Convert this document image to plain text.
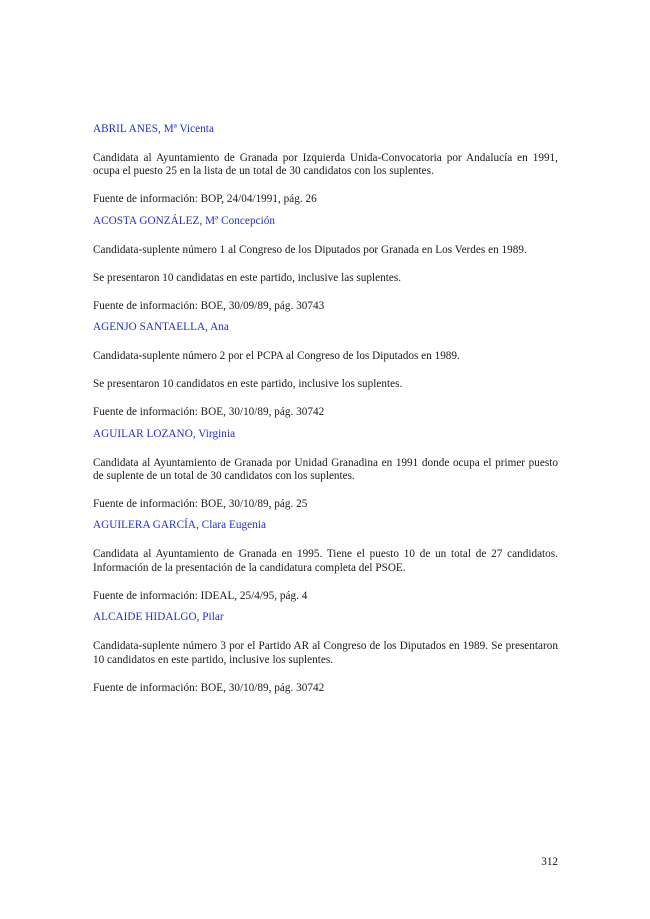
ABRIL ANES, Mª Vicenta

Candidata al Ayuntamiento de Granada por Izquierda Unida-Convocatoria por Andalucía en 1991, ocupa el puesto 25 en la lista de un total de 30 candidatos con los suplentes.

Fuente de información: BOP, 24/04/1991, pág. 26

ACOSTA GONZÁLEZ, Mª Concepción

Candidata-suplente número 1 al Congreso de los Diputados por Granada en Los Verdes en 1989.

Se presentaron 10 candidatas en este partido, inclusive las suplentes.

Fuente de información: BOE, 30/09/89, pág. 30743

AGENJO SANTAELLA, Ana

Candidata-suplente número 2 por el PCPA al Congreso de los Diputados en 1989.

Se presentaron 10 candidatos en este partido, inclusive los suplentes.

Fuente de información: BOE, 30/10/89, pág. 30742

AGUILAR LOZANO, Virginia

Candidata al Ayuntamiento de Granada por Unidad Granadina en 1991 donde ocupa el primer puesto de suplente de un total de 30 candidatos con los suplentes.

Fuente de información: BOE, 30/10/89, pág. 25

AGUILERA GARCÍA, Clara Eugenia

Candidata al Ayuntamiento de Granada en 1995. Tiene el puesto 10 de un total de 27 candidatos. Información de la presentación de la candidatura completa del PSOE.

Fuente de información: IDEAL, 25/4/95, pág. 4

ALCAIDE HIDALGO, Pilar

Candidata-suplente número 3 por el Partido AR al Congreso de los Diputados en 1989. Se presentaron 10 candidatos en este partido, inclusive los suplentes.

Fuente de información: BOE, 30/10/89, pág. 30742

312
